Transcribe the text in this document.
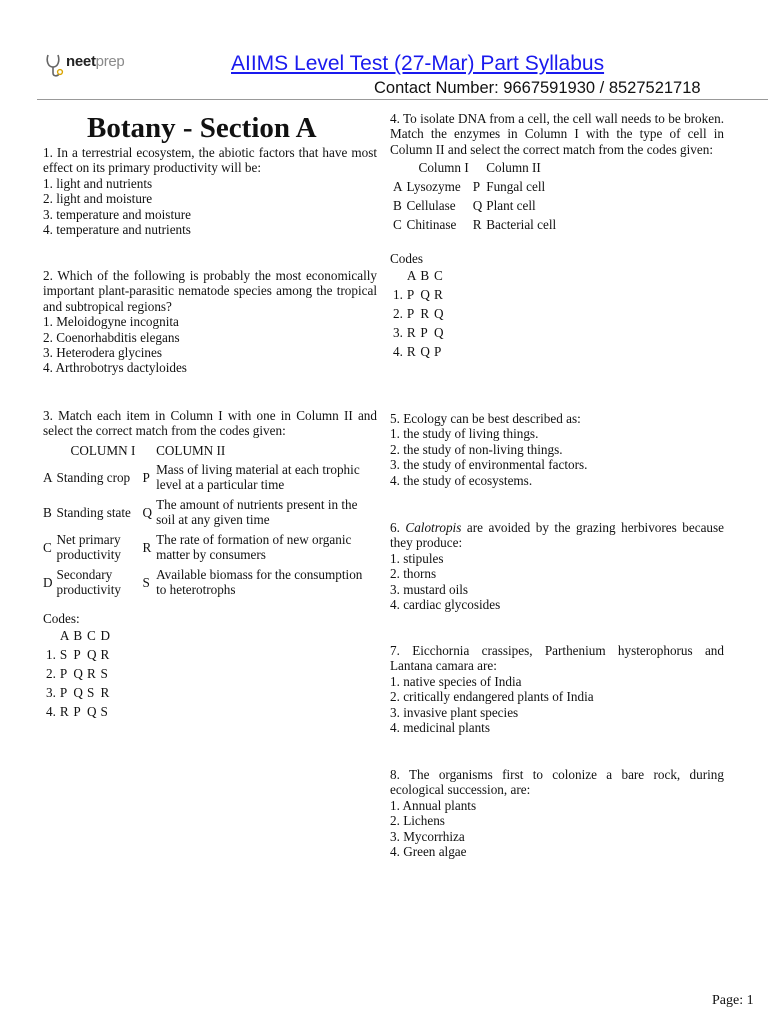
neetprep	AIIMS Level Test (27-Mar) Part Syllabus
Contact Number: 9667591930 / 8527521718
Botany - Section A

1. In a terrestrial ecosystem, the abiotic factors that have most effect on its primary productivity will be:

1. light and nutrients
2. light and moisture
3. temperature and moisture
4. temperature and nutrients

2. Which of the following is probably the most economically important plant-parasitic nematode species among the tropical and subtropical regions?

1. Meloidogyne incognita
2. Coenorhabditis elegans
3. Heterodera glycines
4. Arthrobotrys dactyloides

3. Match each item in Column I with one in Column II and select the correct match from the codes given:

	COLUMN I		COLUMN II
A	Standing crop	P	Mass of living material at each trophic level at a particular time
B	Standing state	Q	The amount of nutrients present in the soil at any given time
C	Net primary productivity	R	The rate of formation of new organic matter by consumers
D	Secondary productivity	S	Available biomass for the consumption to heterotrophs
Codes:
	A	B	C	D
1.	S	P	Q	R
2.	P	Q	R	S
3.	P	Q	S	R
4.	R	P	Q	S

4. To isolate DNA from a cell, the cell wall needs to be broken. Match the enzymes in Column I with the type of cell in Column II and select the correct match from the codes given:

	Column I		Column II
A	Lysozyme	P	Fungal cell
B	Cellulase	Q	Plant cell
C	Chitinase	R	Bacterial cell
Codes
	A	B	C
1.	P	Q	R
2.	P	R	Q
3.	R	P	Q
4.	R	Q	P

5. Ecology can be best described as:

1. the study of living things.
2. the study of non-living things.
3. the study of environmental factors.
4. the study of ecosystems.

6. Calotropis are avoided by the grazing herbivores because they produce:

1. stipules
2. thorns
3. mustard oils
4. cardiac glycosides

7. Eicchornia crassipes, Parthenium hysterophorus and Lantana camara are:

1. native species of India
2. critically endangered plants of India
3. invasive plant species
4. medicinal plants

8. The organisms first to colonize a bare rock, during ecological succession, are:

1. Annual plants
2. Lichens
3. Mycorrhiza
4. Green algae
Page: 1
